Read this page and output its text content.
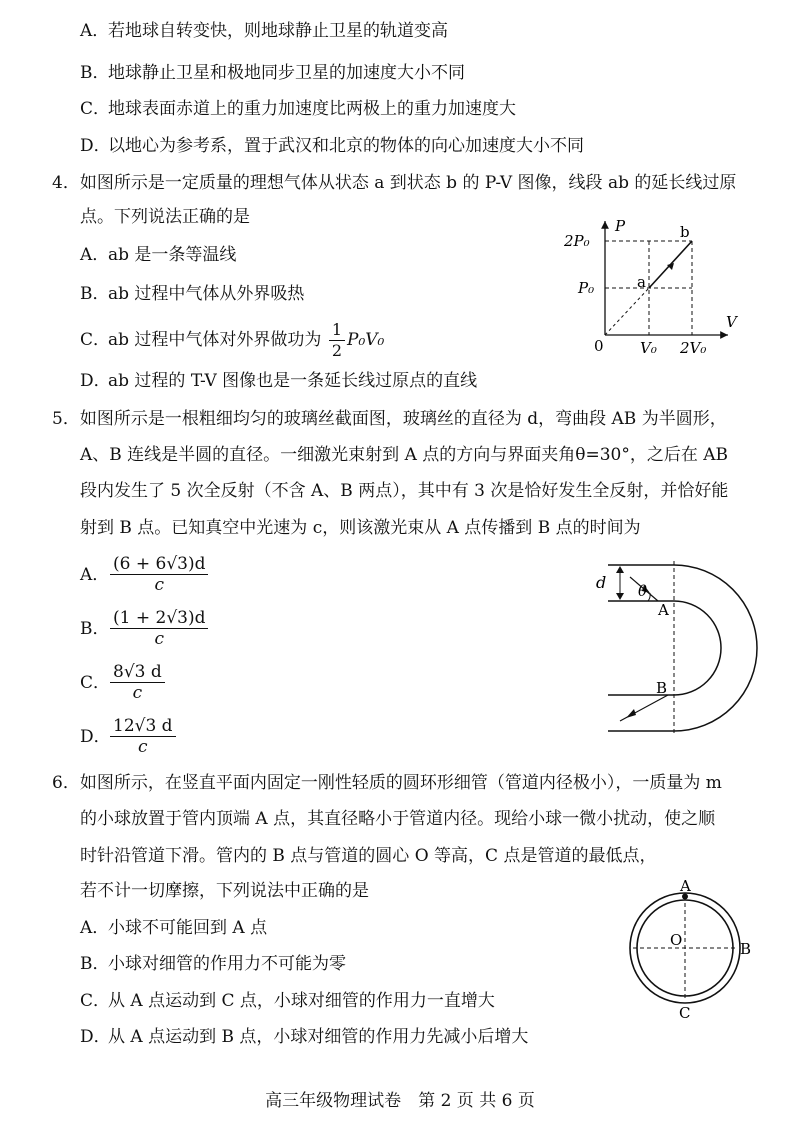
A．若地球自转变快，则地球静止卫星的轨道变高
B．地球静止卫星和极地同步卫星的加速度大小不同
C．地球表面赤道上的重力加速度比两极上的重力加速度大
D．以地心为参考系，置于武汉和北京的物体的向心加速度大小不同
4．如图所示是一定质量的理想气体从状态 a 到状态 b 的 P-V 图像，线段 ab 的延长线过原
点。下列说法正确的是
A．ab 是一条等温线
B．ab 过程中气体从外界吸热
C．ab 过程中气体对外界做功为 $\frac{1}{2} P_0V_0$
D．ab 过程的 T-V 图像也是一条延长线过原点的直线
P
V
0
2P₀
P₀
V₀ 2V₀
a
b
5．如图所示是一根粗细均匀的玻璃丝截面图，玻璃丝的直径为 d，弯曲段 AB 为半圆形，
A、B 连线是半圆的直径。一细激光束射到 A 点的方向与界面夹角θ=30°，之后在 AB
段内发生了 5 次全反射（不含 A、B 两点），其中有 3 次是恰好发生全反射，并恰好能
射到 B 点。已知真空中光速为 c，则该激光束从 A 点传播到 B 点的时间为
A． $\frac{(6 + 6√3)d}{c}$
B． $\frac{(1 + 2√3)d}{c}$
C． $\frac{8√3 d}{c}$
D． $\frac{12√3 d}{c}$
d θ
A
B
6．如图所示，在竖直平面内固定一刚性轻质的圆环形细管（管道内径极小），一质量为 m
的小球放置于管内顶端 A 点，其直径略小于管道内径。现给小球一微小扰动，使之顺
时针沿管道下滑。管内的 B 点与管道的圆心 O 等高，C 点是管道的最低点，
若不计一切摩擦，下列说法中正确的是
A．小球不可能回到 A 点
B．小球对细管的作用力不可能为零
C．从 A 点运动到 C 点，小球对细管的作用力一直增大
D．从 A 点运动到 B 点，小球对细管的作用力先减小后增大
A
B
C
O
高三年级物理试卷　第 2 页 共 6 页
